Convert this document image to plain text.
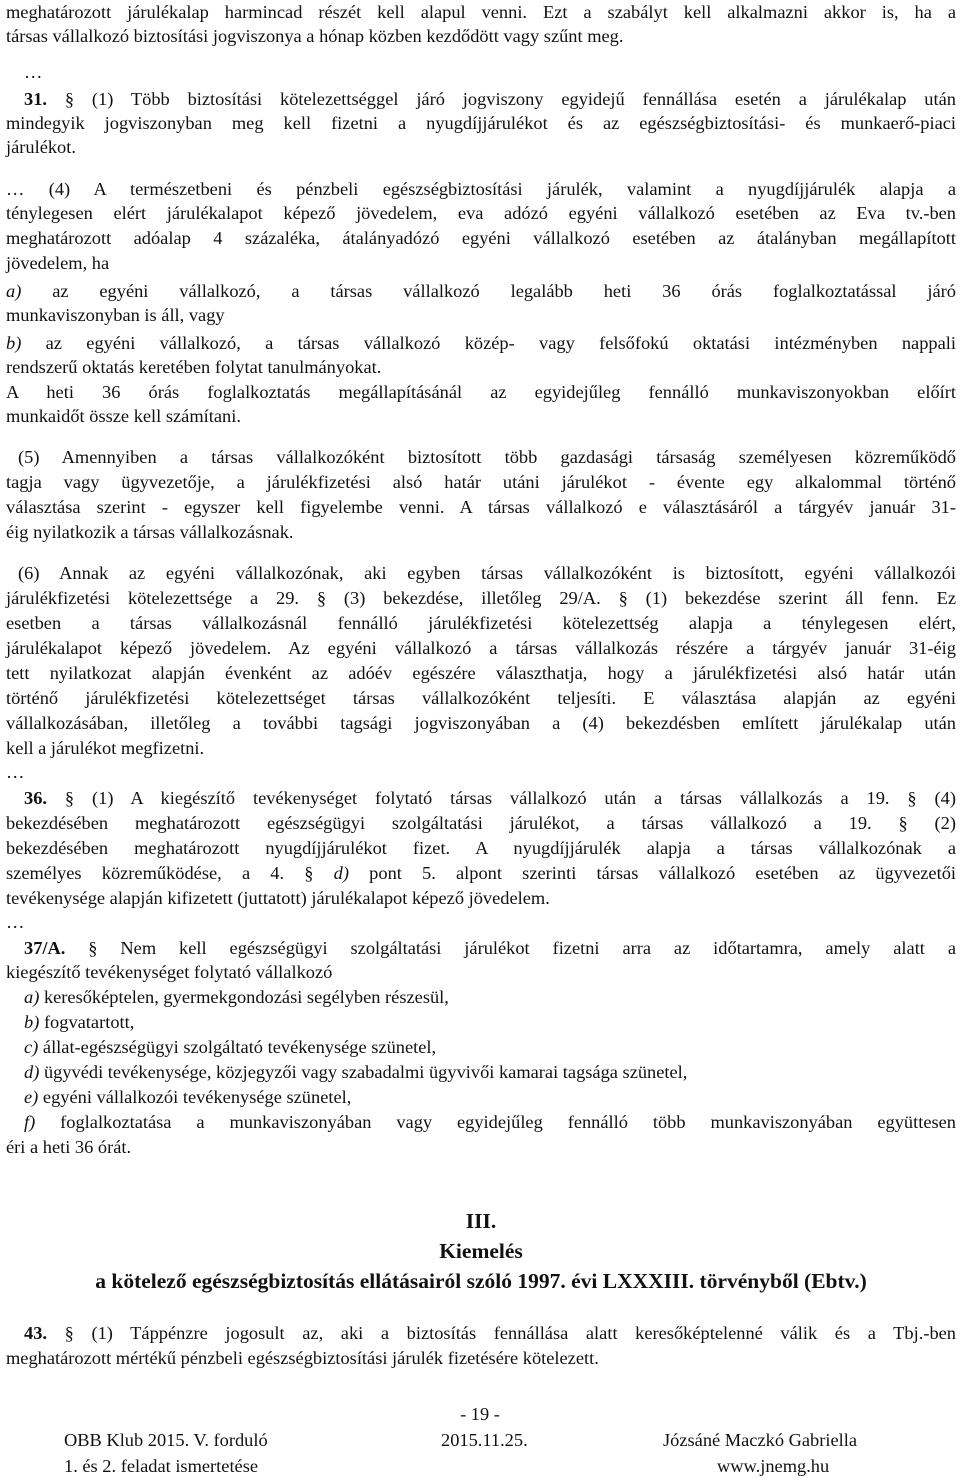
meghatározott járulékalap harmincad részét kell alapul venni. Ezt a szabályt kell alkalmazni akkor is, ha a
társas vállalkozó biztosítási jogviszonya a hónap közben kezdődött vagy szűnt meg.
…
31. § (1) Több biztosítási kötelezettséggel járó jogviszony egyidejű fennállása esetén a járulékalap után
mindegyik jogviszonyban meg kell fizetni a nyugdíjjárulékot és az egészségbiztosítási- és munkaerő-piaci
járulékot.
… (4) A természetbeni és pénzbeli egészségbiztosítási járulék, valamint a nyugdíjjárulék alapja a
ténylegesen elért járulékalapot képező jövedelem, eva adózó egyéni vállalkozó esetében az Eva tv.-ben
meghatározott adóalap 4 százaléka, átalányadózó egyéni vállalkozó esetében az átalányban megállapított
jövedelem, ha
a) az egyéni vállalkozó, a társas vállalkozó legalább heti 36 órás foglalkoztatással járó
munkaviszonyban is áll, vagy
b) az egyéni vállalkozó, a társas vállalkozó közép- vagy felsőfokú oktatási intézményben nappali
rendszerű oktatás keretében folytat tanulmányokat.
A heti 36 órás foglalkoztatás megállapításánál az egyidejűleg fennálló munkaviszonyokban előírt
munkaidőt össze kell számítani.
(5) Amennyiben a társas vállalkozóként biztosított több gazdasági társaság személyesen közreműködő
tagja vagy ügyvezetője, a járulékfizetési alsó határ utáni járulékot - évente egy alkalommal történő
választása szerint - egyszer kell figyelembe venni. A társas vállalkozó e választásáról a tárgyév január 31-
éig nyilatkozik a társas vállalkozásnak.
(6) Annak az egyéni vállalkozónak, aki egyben társas vállalkozóként is biztosított, egyéni vállalkozói
járulékfizetési kötelezettsége a 29. § (3) bekezdése, illetőleg 29/A. § (1) bekezdése szerint áll fenn. Ez
esetben a társas vállalkozásnál fennálló járulékfizetési kötelezettség alapja a ténylegesen elért,
járulékalapot képező jövedelem. Az egyéni vállalkozó a társas vállalkozás részére a tárgyév január 31-éig
tett nyilatkozat alapján évenként az adóév egészére választhatja, hogy a járulékfizetési alsó határ után
történő járulékfizetési kötelezettséget társas vállalkozóként teljesíti. E választása alapján az egyéni
vállalkozásában, illetőleg a további tagsági jogviszonyában a (4) bekezdésben említett járulékalap után
kell a járulékot megfizetni.
…
36. § (1) A kiegészítő tevékenységet folytató társas vállalkozó után a társas vállalkozás a 19. § (4)
bekezdésében meghatározott egészségügyi szolgáltatási járulékot, a társas vállalkozó a 19. § (2)
bekezdésében meghatározott nyugdíjjárulékot fizet. A nyugdíjjárulék alapja a társas vállalkozónak a
személyes közreműködése, a 4. § d) pont 5. alpont szerinti társas vállalkozó esetében az ügyvezetői
tevékenysége alapján kifizetett (juttatott) járulékalapot képező jövedelem.
…
37/A. § Nem kell egészségügyi szolgáltatási járulékot fizetni arra az időtartamra, amely alatt a
kiegészítő tevékenységet folytató vállalkozó
a) keresőképtelen, gyermekgondozási segélyben részesül,
b) fogvatartott,
c) állat-egészségügyi szolgáltató tevékenysége szünetel,
d) ügyvédi tevékenysége, közjegyzői vagy szabadalmi ügyvivői kamarai tagsága szünetel,
e) egyéni vállalkozói tevékenysége szünetel,
f) foglalkoztatása a munkaviszonyában vagy egyidejűleg fennálló több munkaviszonyában együttesen
éri a heti 36 órát.
III.
Kiemelés
a kötelező egészségbiztosítás ellátásairól szóló 1997. évi LXXXIII. törvényből (Ebtv.)
43. § (1) Táppénzre jogosult az, aki a biztosítás fennállása alatt keresőképtelenné válik és a Tbj.-ben
meghatározott mértékű pénzbeli egészségbiztosítási járulék fizetésére kötelezett.
- 19 -
OBB Klub 2015. V. forduló
1. és 2. feladat ismertetése
2015.11.25.	Józsáné Maczkó Gabriella
www.jnemg.hu
